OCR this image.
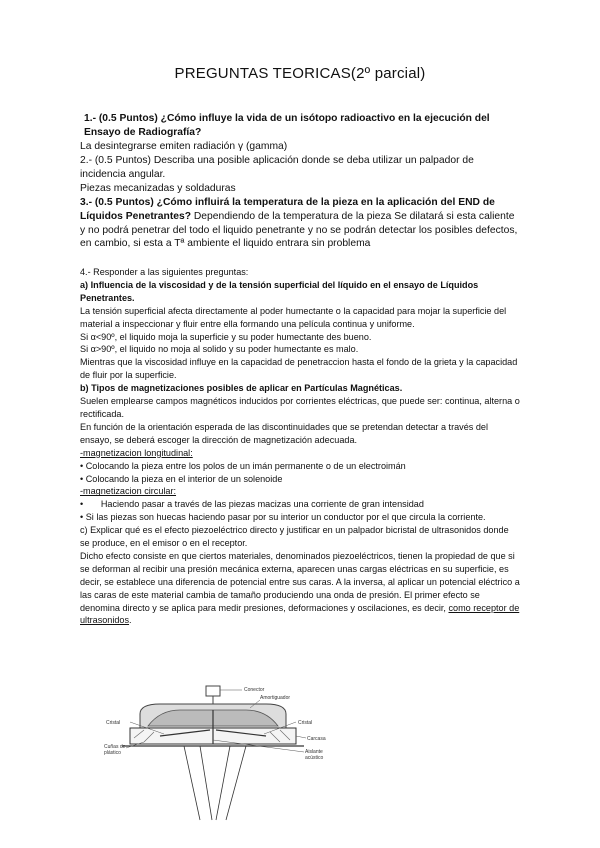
PREGUNTAS TEORICAS(2º parcial)
1.- (0.5 Puntos) ¿Cómo influye la vida de un isótopo radioactivo en la ejecución del Ensayo de Radiografía?
La desintegrarse emiten radiación γ (gamma)
2.- (0.5 Puntos) Describa una posible aplicación donde se deba utilizar un palpador de incidencia angular.
Piezas mecanizadas y soldaduras
3.- (0.5 Puntos) ¿Cómo influirá la temperatura de la pieza en la aplicación del END de Líquidos Penetrantes? Dependiendo de la temperatura de la pieza Se dilatará si esta caliente y no podrá penetrar del todo el liquido penetrante y no se podrán detectar los posibles defectos, en cambio, si esta a Tª ambiente el liquido entrara sin problema
4.- Responder a las siguientes preguntas:
a) Influencia de la viscosidad y de la tensión superficial del líquido en el ensayo de Líquidos Penetrantes.
La tensión superficial afecta directamente al poder humectante o la capacidad para mojar la superficie del material a inspeccionar y fluir entre ella formando una película continua y uniforme.
Si α<90º, el liquido moja la superficie y su poder humectante des bueno.
Si α>90º, el liquido no moja al solido y su poder humectante es malo.
Mientras que la viscosidad influye en la capacidad de penetraccion hasta el fondo de la grieta y la capacidad de fluir por la superficie.
b) Tipos de magnetizaciones posibles de aplicar en Partículas Magnéticas.
Suelen emplearse campos magnéticos inducidos por corrientes eléctricas, que puede ser: continua, alterna o rectificada.
En función de la orientación esperada de las discontinuidades que se pretendan detectar a través del ensayo, se deberá escoger la dirección de magnetización adecuada.
-magnetizacion longitudinal:
• Colocando la pieza entre los polos de un imán permanente o de un electroimán
• Colocando la pieza en el interior de un solenoide
-magnetizacion circular:
•       Haciendo pasar a través de las piezas macizas una corriente de gran intensidad
• Si las piezas son huecas haciendo pasar por su interior un conductor por el que circula la corriente.
c) Explicar qué es el efecto piezoeléctrico directo y justificar en un palpador bicristal de ultrasonidos donde se produce, en el emisor o en el receptor.
Dicho efecto consiste en que ciertos materiales, denominados piezoeléctricos, tienen la propiedad de que si se deforman al recibir una presión mecánica externa, aparecen unas cargas eléctricas en su superficie, es decir, se establece una diferencia de potencial entre sus caras. A la inversa, al aplicar un potencial eléctrico a las caras de este material cambia de tamaño produciendo una onda de presión. El primer efecto se denomina directo y se aplica para medir presiones, deformaciones y oscilaciones, es decir, como receptor de ultrasonidos.
Conector
Amortiguador
Cristal	Cristal
Cuñas de
plástico
Carcasa
Aislante
acústico
